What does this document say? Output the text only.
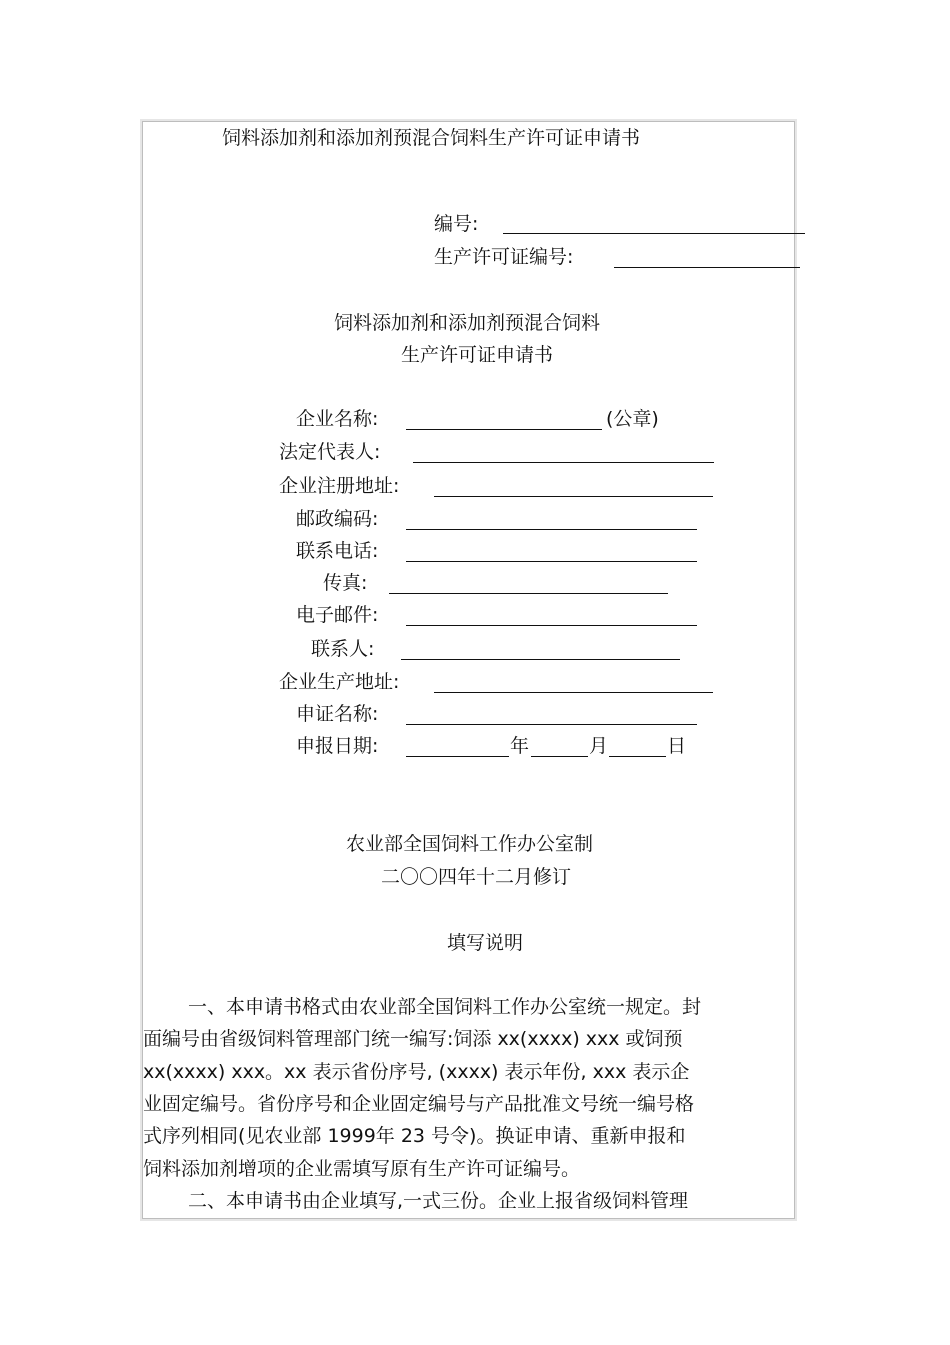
饲料添加剂和添加剂预混合饲料生产许可证申请书
编号:
生产许可证编号:
饲料添加剂和添加剂预混合饲料
生产许可证申请书
企业名称:	(公章)
法定代表人:
企业注册地址:
邮政编码:
联系电话:
传真:
电子邮件:
联系人:
企业生产地址:
申证名称:
申报日期:	年	月	日
农业部全国饲料工作办公室制
二〇〇四年十二月修订
填写说明
一、本申请书格式由农业部全国饲料工作办公室统一规定。封
面编号由省级饲料管理部门统一编写:饲添 xx(xxxx) xxx 或饲预
xx(xxxx) xxx。xx 表示省份序号, (xxxx) 表示年份, xxx 表示企
业固定编号。省份序号和企业固定编号与产品批准文号统一编号格
式序列相同(见农业部 1999年 23 号令)。换证申请、重新申报和
饲料添加剂增项的企业需填写原有生产许可证编号。
二、本申请书由企业填写,一式三份。企业上报省级饲料管理
